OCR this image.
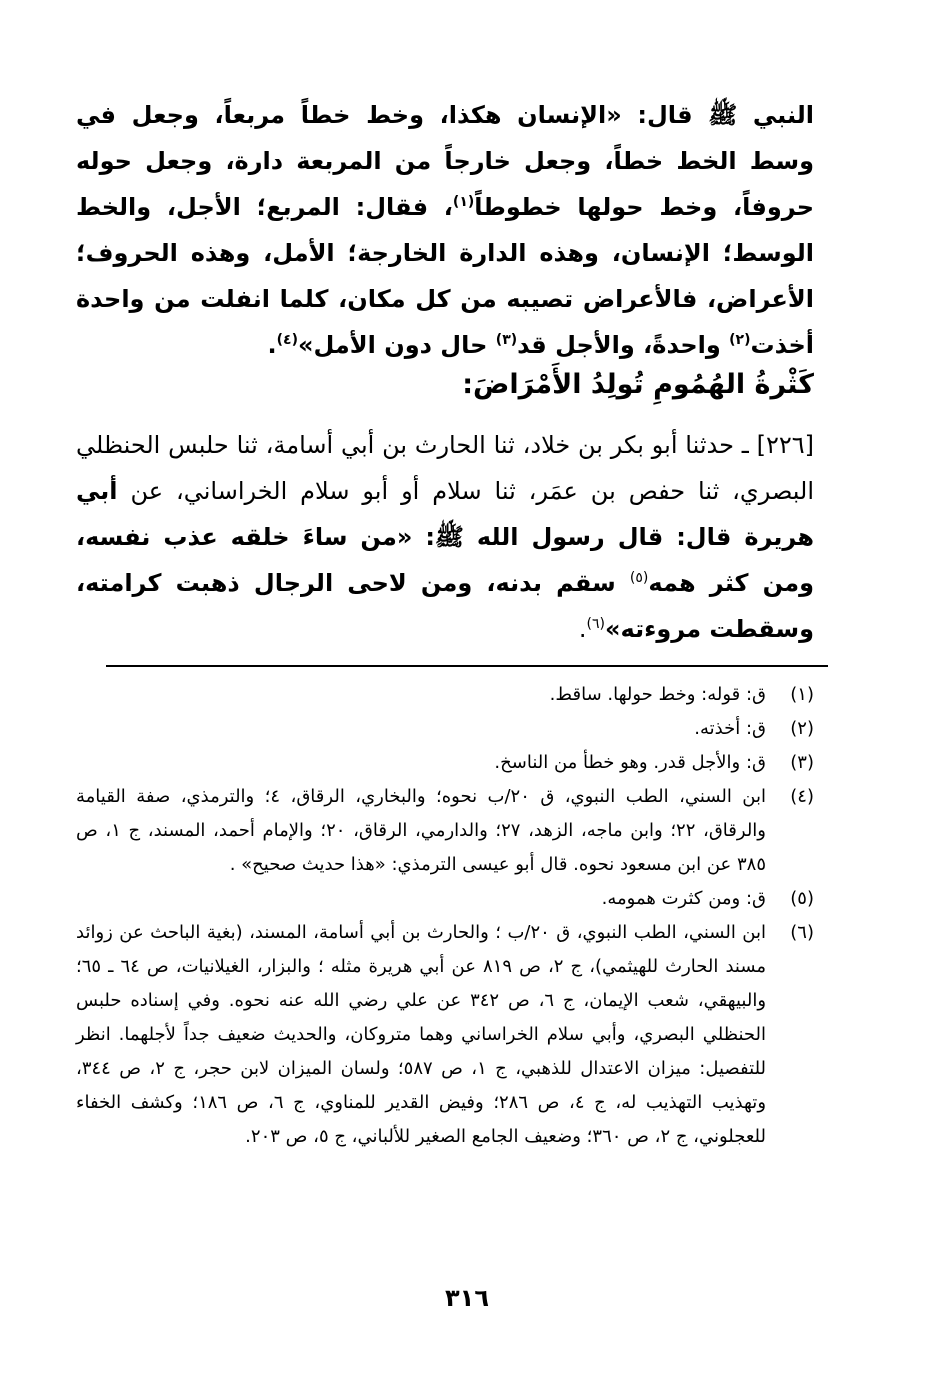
النبي ﷺ قال: «الإنسان هكذا، وخط خطاً مربعاً، وجعل في وسط الخط خطاً، وجعل خارجاً من المربعة دارة، وجعل حوله حروفاً، وخط حولها خطوطاً$^{(١)}$، فقال: المربع؛ الأجل، والخط الوسط؛ الإنسان، وهذه الدارة الخارجة؛ الأمل، وهذه الحروف؛ الأعراض، فالأعراض تصيبه من كل مكان، كلما انفلت من واحدة أخذت$^{(٢)}$ واحدةً، والأجل قد$^{(٣)}$ حال دون الأمل»$^{(٤)}$.

كَثْرةُ الهُمُومِ تُولِدُ الأَمْرَاضَ:

[٢٢٦] ـ حدثنا أبو بكر بن خلاد، ثنا الحارث بن أبي أسامة، ثنا حلبس الحنظلي البصري، ثنا حفص بن عمَر، ثنا سلام أو أبو سلام الخراساني، عن أبي هريرة قال: قال رسول الله ﷺ: «من ساءَ خلقه عذب نفسه، ومن كثر همه$^{(٥)}$ سقم بدنه، ومن لاحى الرجال ذهبت كرامته، وسقطت مروءته»$^{(٦)}$.

(١)
ق: قوله: وخط حولها. ساقط.
(٢)
ق: أخذته.
(٣)
ق: والأجل قدر. وهو خطأ من الناسخ.
(٤)
ابن السني، الطب النبوي، ق ٢٠/ب نحوه؛ والبخاري، الرقاق، ٤؛ والترمذي، صفة القيامة والرقاق، ٢٢؛ وابن ماجه، الزهد، ٢٧؛ والدارمي، الرقاق، ٢٠؛ والإمام أحمد، المسند، ج ١، ص ٣٨٥ عن ابن مسعود نحوه. قال أبو عيسى الترمذي: «هذا حديث صحيح» .
(٥)
ق: ومن كثرت همومه.
(٦)
ابن السني، الطب النبوي، ق ٢٠/ب ؛ والحارث بن أبي أسامة، المسند، (بغية الباحث عن زوائد مسند الحارث للهيثمي)، ج ٢، ص ٨١٩ عن أبي هريرة مثله ؛ والبزار، الغيلانيات، ص ٦٤ ـ ٦٥؛ والبيهقي، شعب الإيمان، ج ٦، ص ٣٤٢ عن علي رضي الله عنه نحوه. وفي إسناده حلبس الحنظلي البصري، وأبي سلام الخراساني وهما متروكان، والحديث ضعيف جداً لأجلهما. انظر للتفصيل: ميزان الاعتدال للذهبي، ج ١، ص ٥٨٧؛ ولسان الميزان لابن حجر، ج ٢، ص ٣٤٤، وتهذيب التهذيب له، ج ٤، ص ٢٨٦؛ وفيض القدير للمناوي، ج ٦، ص ١٨٦؛ وكشف الخفاء للعجلوني، ج ٢، ص ٣٦٠؛ وضعيف الجامع الصغير للألباني، ج ٥، ص ٢٠٣.
٣١٦
